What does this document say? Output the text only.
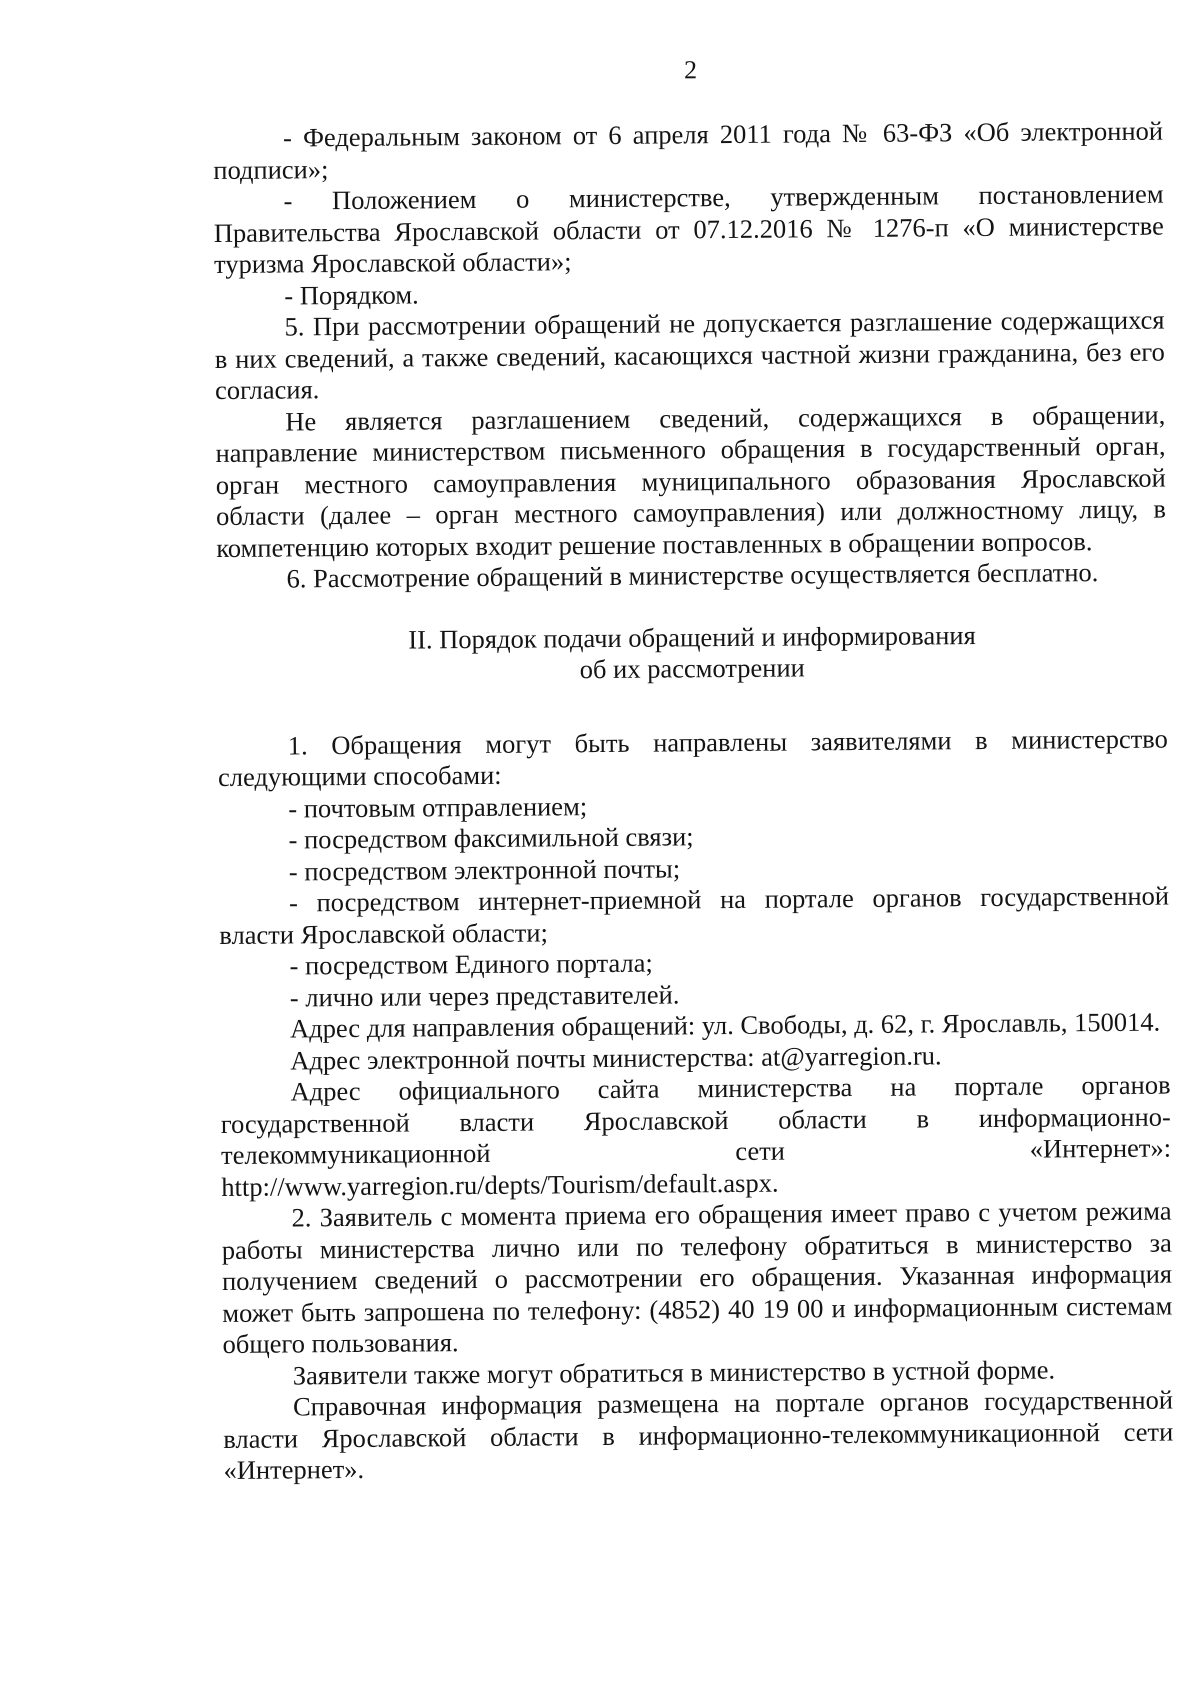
2

- Федеральным законом от 6 апреля 2011 года № 63-ФЗ «Об электронной подписи»;

- Положением о министерстве, утвержденным постановлением Правительства Ярославской области от 07.12.2016 № 1276-п «О министерстве туризма Ярославской области»;

- Порядком.

5. При рассмотрении обращений не допускается разглашение содержащихся в них сведений, а также сведений, касающихся частной жизни гражданина, без его согласия.

Не является разглашением сведений, содержащихся в обращении, направление министерством письменного обращения в государственный орган, орган местного самоуправления муниципального образования Ярославской области (далее – орган местного самоуправления) или должностному лицу, в компетенцию которых входит решение поставленных в обращении вопросов.

6. Рассмотрение обращений в министерстве осуществляется бесплатно.

II. Порядок подачи обращений и информирования
об их рассмотрении

1. Обращения могут быть направлены заявителями в министерство следующими способами:

- почтовым отправлением;

- посредством факсимильной связи;

- посредством электронной почты;

- посредством интернет-приемной на портале органов государственной власти Ярославской области;

- посредством Единого портала;

- лично или через представителей.

Адрес для направления обращений: ул. Свободы, д. 62, г. Ярославль, 150014.

Адрес электронной почты министерства: at@yarregion.ru.

Адрес официального сайта министерства на портале органов государственной власти Ярославской области в информационно-телекоммуникационной сети «Интернет»: http://www.yarregion.ru/depts/Tourism/default.aspx.

2. Заявитель с момента приема его обращения имеет право с учетом режима работы министерства лично или по телефону обратиться в министерство за получением сведений о рассмотрении его обращения. Указанная информация может быть запрошена по телефону: (4852) 40 19 00 и информационным системам общего пользования.

Заявители также могут обратиться в министерство в устной форме.

Справочная информация размещена на портале органов государственной власти Ярославской области в информационно-телекоммуникационной сети «Интернет».
